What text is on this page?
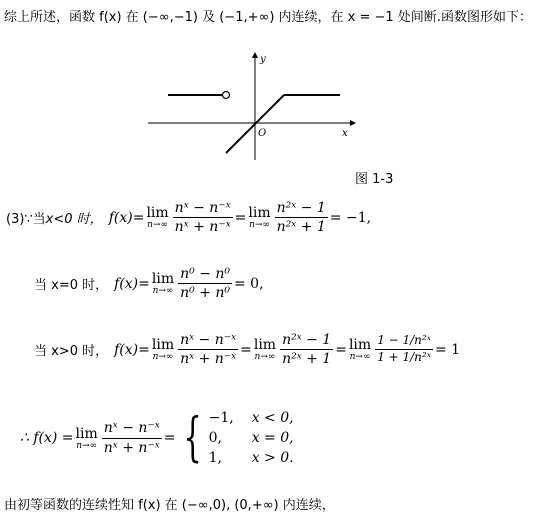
综上所述，函数 f(x) 在 (−∞,−1) 及 (−1,+∞) 内连续，在 x = −1 处间断.函数图形如下：
y
x
O
图 1-3
(3)∵当 x<0 时， f(x) = lim
$n\to\infty \frac{\text{nˣ − n⁻ˣ}}{\text{nˣ + n⁻ˣ}} = \lim$
$n\to\infty \frac{\text{n²ˣ − 1}}{\text{n²ˣ + 1}} = -1$,
当 x=0 时， f(x) = lim
$n\to\infty \frac{\text{n⁰ − n⁰}}{\text{n⁰ + n⁰}} = 0$,
当 x>0 时， f(x) = lim
$n\to\infty \frac{\text{nˣ − n⁻ˣ}}{\text{nˣ + n⁻ˣ}} = \lim$
$n\to\infty \frac{\text{n²ˣ − 1}}{\text{n²ˣ + 1}} = \lim$
$n\to\infty \frac{\text{1 − 1/n²ˣ}}{\text{1 + 1/n²ˣ}} = 1$
∴ f(x) = lim
$n\to\infty \frac{\text{nˣ − n⁻ˣ}}{\text{nˣ + n⁻ˣ}}$ = { −1, x < 0,
0,	x = 0,
1,	x > 0.
由初等函数的连续性知 f(x) 在 (−∞,0), (0,+∞) 内连续，
